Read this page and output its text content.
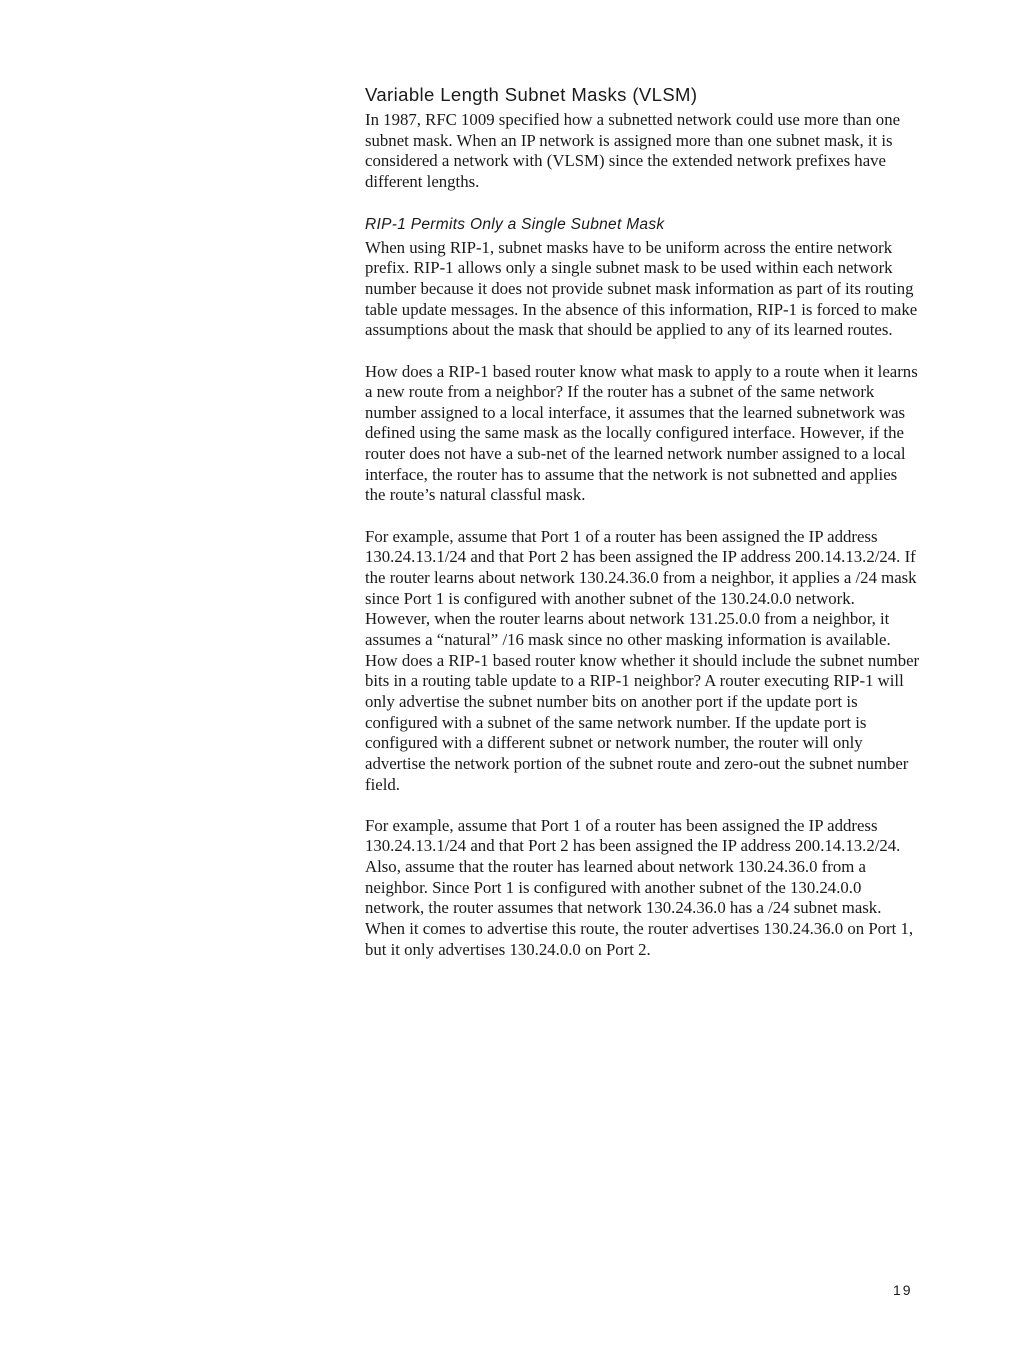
Variable Length Subnet Masks (VLSM)

In 1987, RFC 1009 specified how a subnetted network could use more than one subnet mask. When an IP network is assigned more than one subnet mask, it is considered a network with (VLSM) since the extended network prefixes have different lengths.

RIP-1 Permits Only a Single Subnet Mask

When using RIP-1, subnet masks have to be uniform across the entire network prefix. RIP-1 allows only a single subnet mask to be used within each network number because it does not provide subnet mask information as part of its routing table update messages. In the absence of this information, RIP-1 is forced to make assumptions about the mask that should be applied to any of its learned routes.

How does a RIP-1 based router know what mask to apply to a route when it learns a new route from a neighbor? If the router has a subnet of the same network number assigned to a local interface, it assumes that the learned subnetwork was defined using the same mask as the locally configured interface. However, if the router does not have a sub-net of the learned network number assigned to a local interface, the router has to assume that the network is not subnetted and applies the route’s natural classful mask.

For example, assume that Port 1 of a router has been assigned the IP address 130.24.13.1/24 and that Port 2 has been assigned the IP address 200.14.13.2/24. If the router learns about network 130.24.36.0 from a neighbor, it applies a /24 mask since Port 1 is configured with another subnet of the 130.24.0.0 network. However, when the router learns about network 131.25.0.0 from a neighbor, it assumes a “natural” /16 mask since no other masking information is available. How does a RIP-1 based router know whether it should include the subnet number bits in a routing table update to a RIP-1 neighbor? A router executing RIP-1 will only advertise the subnet number bits on another port if the update port is configured with a subnet of the same network number. If the update port is configured with a different subnet or network number, the router will only advertise the network portion of the subnet route and zero-out the subnet number field.

For example, assume that Port 1 of a router has been assigned the IP address 130.24.13.1/24 and that Port 2 has been assigned the IP address 200.14.13.2/24. Also, assume that the router has learned about network 130.24.36.0 from a neighbor. Since Port 1 is configured with another subnet of the 130.24.0.0 network, the router assumes that network 130.24.36.0 has a /24 subnet mask. When it comes to advertise this route, the router advertises 130.24.36.0 on Port 1, but it only advertises 130.24.0.0 on Port 2.

19
